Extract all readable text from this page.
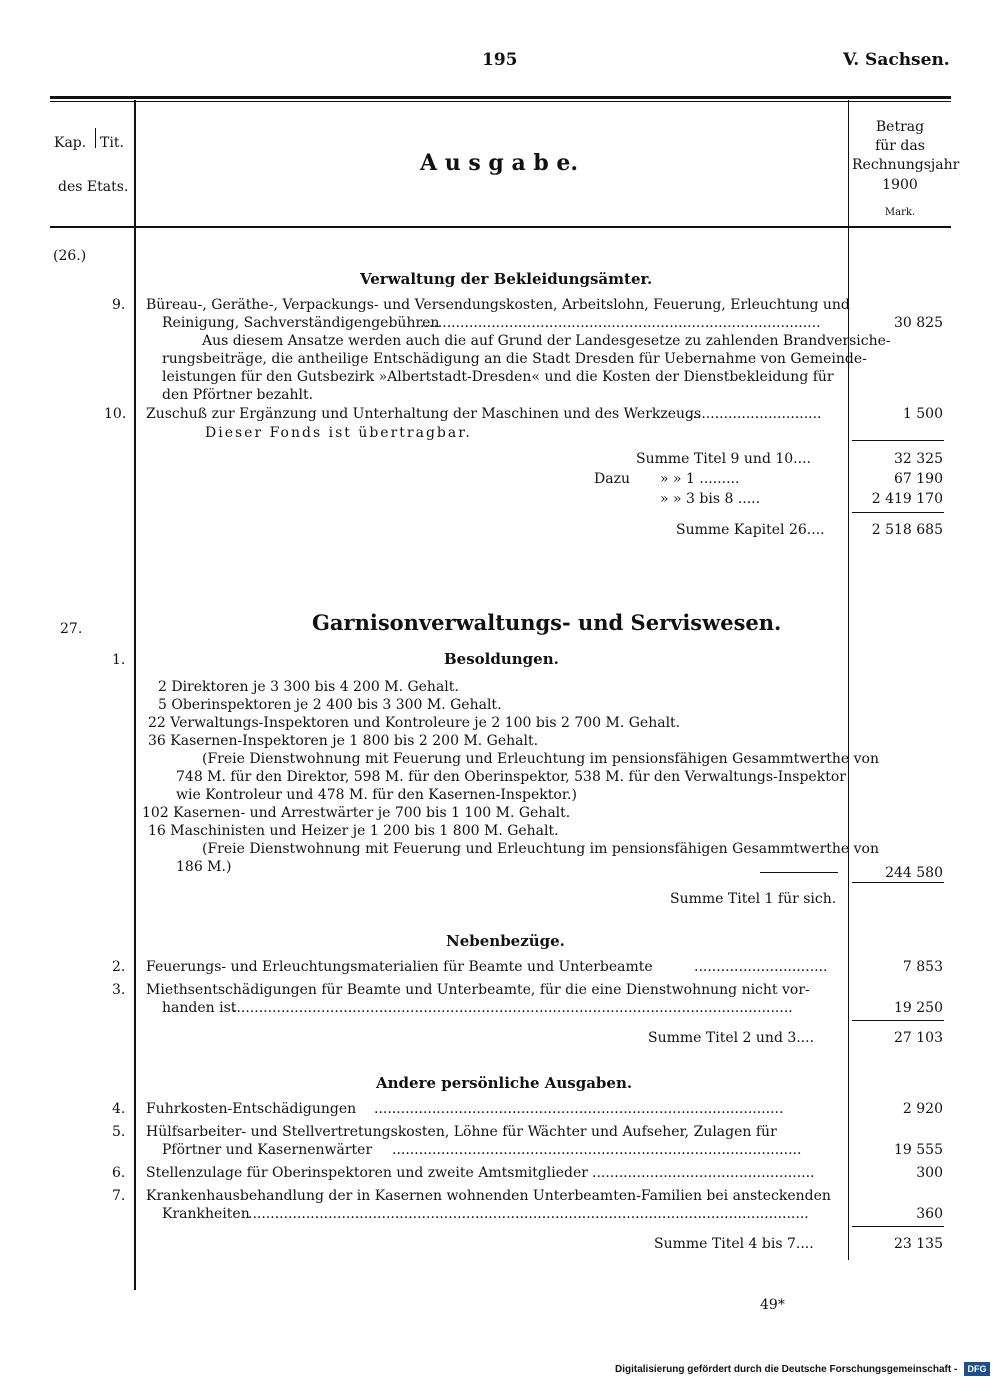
195	V. Sachsen.
Kap. Tit.
des Etats.
A u s g a b e.
Betrag
für das
Rechnungsjahr
1900
Mark.
(26.)
Verwaltung der Bekleidungsämter.
9. Büreau-, Geräthe-, Verpackungs- und Versendungskosten, Arbeitslohn, Feuerung, Erleuchtung und
Reinigung, Sachverständigengebühren
..........................................................................................	30 825
Aus diesem Ansatze werden auch die auf Grund der Landesgesetze zu zahlenden Brandversiche-
rungsbeiträge, die antheilige Entschädigung an die Stadt Dresden für Uebernahme von Gemeinde-
leistungen für den Gutsbezirk »Albertstadt-Dresden« und die Kosten der Dienstbekleidung für
den Pförtner bezahlt.
10. Zuschuß zur Ergänzung und Unterhaltung der Maschinen und des Werkzeugs
..............................	1 500
Dieser Fonds ist übertragbar.
Summe Titel 9 und 10....	32 325
Dazu » » 1 .........	67 190
» » 3 bis 8 .....	2 419 170
Summe Kapitel 26....	2 518 685
27.	Garnisonverwaltungs- und Serviswesen.
1.	Besoldungen.
2 Direktoren je 3 300 bis 4 200 M. Gehalt.
5 Oberinspektoren je 2 400 bis 3 300 M. Gehalt.
22 Verwaltungs-Inspektoren und Kontroleure je 2 100 bis 2 700 M. Gehalt.
36 Kasernen-Inspektoren je 1 800 bis 2 200 M. Gehalt.
(Freie Dienstwohnung mit Feuerung und Erleuchtung im pensionsfähigen Gesammtwerthe von
748 M. für den Direktor, 598 M. für den Oberinspektor, 538 M. für den Verwaltungs-Inspektor
wie Kontroleur und 478 M. für den Kasernen-Inspektor.)
102 Kasernen- und Arrestwärter je 700 bis 1 100 M. Gehalt.
16 Maschinisten und Heizer je 1 200 bis 1 800 M. Gehalt.
(Freie Dienstwohnung mit Feuerung und Erleuchtung im pensionsfähigen Gesammtwerthe von
186 M.)	244 580
Summe Titel 1 für sich.
Nebenbezüge.
2. Feuerungs- und Erleuchtungsmaterialien für Beamte und Unterbeamte	..............................	7 853
3. Miethsentschädigungen für Beamte und Unterbeamte, für die eine Dienstwohnung nicht vor-
handen ist
..............................................................................................................................	19 250
Summe Titel 2 und 3....	27 103
Andere persönliche Ausgaben.
4. Fuhrkosten-Entschädigungen ............................................................................................	2 920
5. Hülfsarbeiter- und Stellvertretungskosten, Löhne für Wächter und Aufseher, Zulagen für
Pförtner und Kasernenwärter ............................................................................................	19 555
6. Stellenzulage für Oberinspektoren und zweite Amtsmitglieder ..................................................	300
7. Krankenhausbehandlung der in Kasernen wohnenden Unterbeamten-Familien bei ansteckenden
Krankheiten
..............................................................................................................................	360
Summe Titel 4 bis 7....	23 135
49*
Digitalisierung gefördert durch die Deutsche Forschungsgemeinschaft -	DFG
